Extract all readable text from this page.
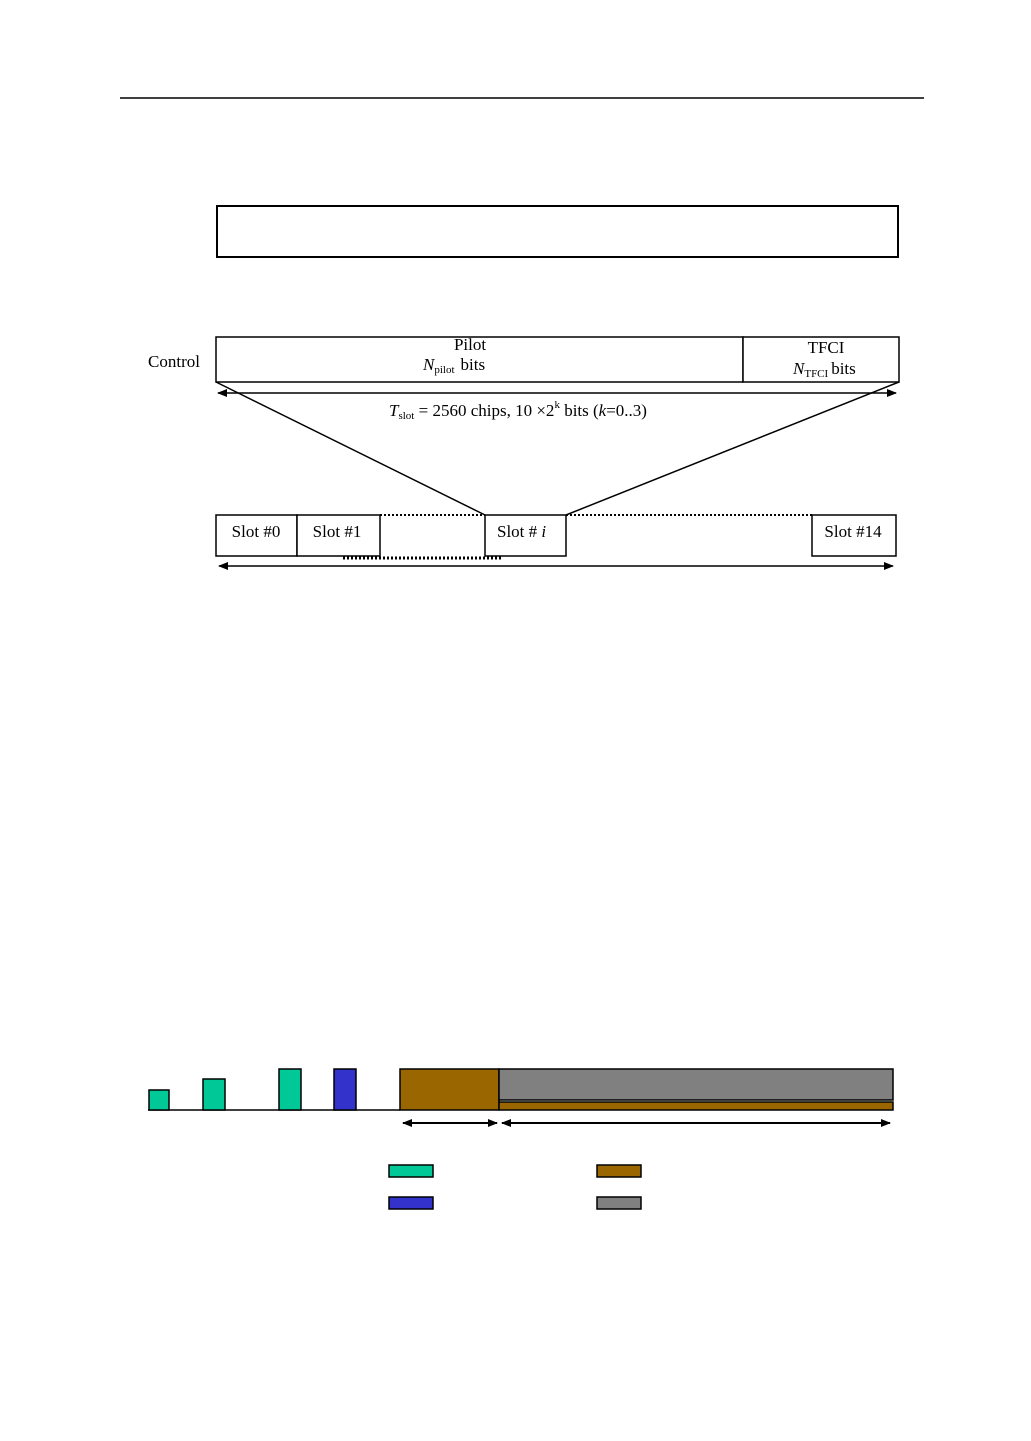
Control
Pilot
Npilot bits
TFCI
NTFCI bits
Tslot = 2560 chips, $10 \times 2^k$ bits (k=0..3)
Slot #0 Slot #1	Slot # i	Slot #14
